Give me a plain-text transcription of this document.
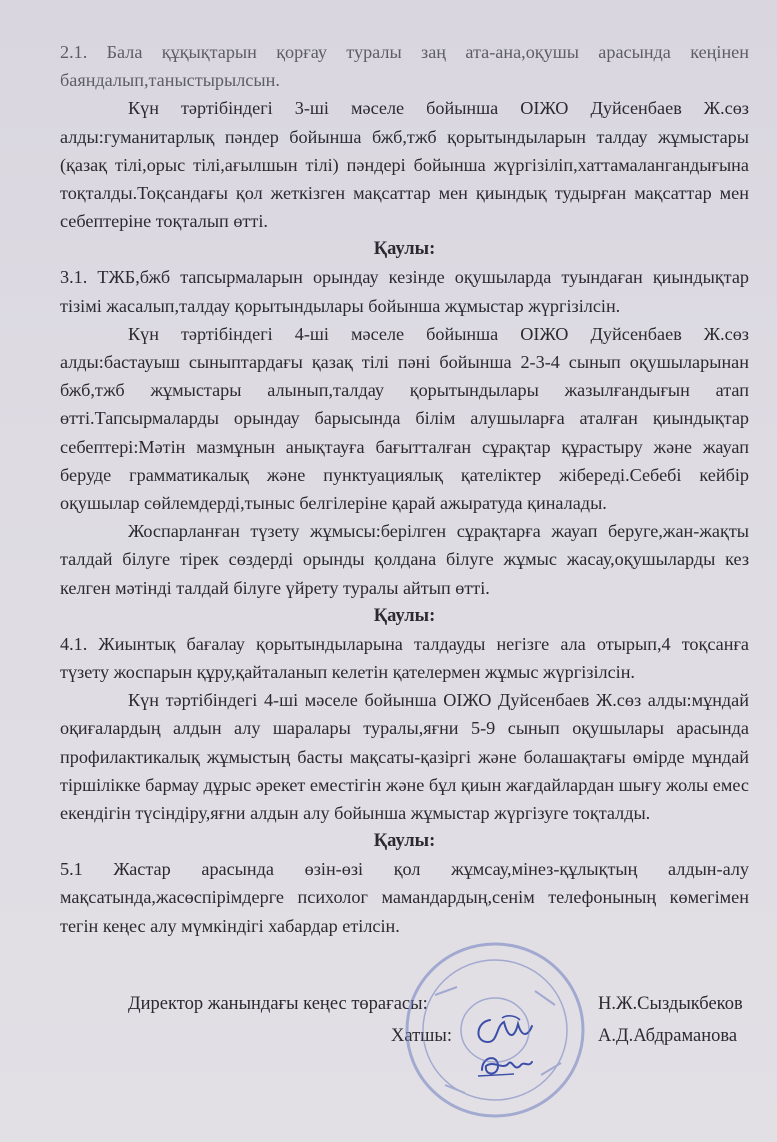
2.1. Бала құқықтарын қорғау туралы заң ата-ана,оқушы арасында кеңінен баяндалып,таныстырылсын.

Күн тәртібіндегі 3-ші мәселе бойынша ОІЖО Дуйсенбаев Ж.сөз алды:гуманитарлық пәндер бойынша бжб,тжб қорытындыларын талдау жұмыстары (қазақ тілі,орыс тілі,ағылшын тілі) пәндері бойынша жүргізіліп,хаттамалангандығына тоқталды.Тоқсандағы қол жеткізген мақсаттар мен қиындық тудырған мақсаттар мен себептеріне тоқталып өтті.

Қаулы:

3.1. ТЖБ,бжб тапсырмаларын орындау кезінде оқушыларда туындаған қиындықтар тізімі жасалып,талдау қорытындылары бойынша жұмыстар жүргізілсін.

Күн тәртібіндегі 4-ші мәселе бойынша ОІЖО Дуйсенбаев Ж.сөз алды:бастауыш сыныптардағы қазақ тілі пәні бойынша 2-3-4 сынып оқушыларынан бжб,тжб жұмыстары алынып,талдау қорытындылары жазылғандығын атап өтті.Тапсырмаларды орындау барысында білім алушыларға аталған қиындықтар себептері:Мәтін мазмұнын анықтауға бағытталған сұрақтар құрастыру және жауап беруде грамматикалық және пунктуациялық қателіктер жібереді.Себебі кейбір оқушылар сөйлемдерді,тыныс белгілеріне қарай ажыратуда қиналады.

Жоспарланған түзету жұмысы:берілген сұрақтарға жауап беруге,жан-жақты талдай білуге тірек сөздерді орынды қолдана білуге жұмыс жасау,оқушыларды кез келген мәтінді талдай білуге үйрету туралы айтып өтті.

Қаулы:

4.1. Жиынтық бағалау қорытындыларына талдауды негізге ала отырып,4 тоқсанға түзету жоспарын құру,қайталанып келетін қателермен жұмыс жүргізілсін.

Күн тәртібіндегі 4-ші мәселе бойынша ОІЖО Дуйсенбаев Ж.сөз алды:мұндай оқиғалардың алдын алу шаралары туралы,яғни 5-9 сынып оқушылары арасында профилактикалық жұмыстың басты мақсаты-қазіргі және болашақтағы өмірде мұндай тіршілікке бармау дұрыс әрекет еместігін және бұл қиын жағдайлардан шығу жолы емес екендігін түсіндіру,яғни алдын алу бойынша жұмыстар жүргізуге тоқталды.

Қаулы:

5.1 Жастар арасында өзін-өзі қол жұмсау,мінез-құлықтың алдын-алу мақсатында,жасөспірімдерге психолог мамандардың,сенім телефонының көмегімен тегін кеңес алу мүмкіндігі хабардар етілсін.

Директор жанындағы кеңес төрағасы:	Н.Ж.Сыздыкбеков
Хатшы:	А.Д.Абдраманова
